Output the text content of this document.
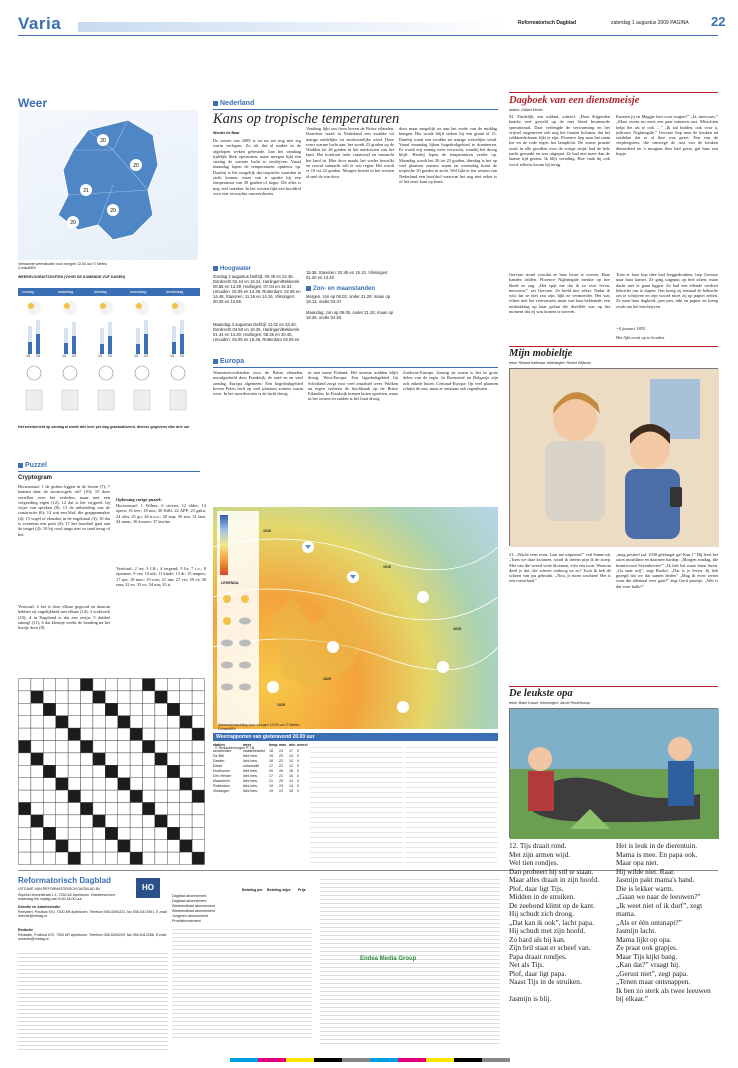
Varia	Reformatorisch Dagblad	zaterdag 1 augustus 2009 PAGINA 22
Weer
20
20
21
20
20
Verwachte weersituatie voor morgen 12.00 uur © Meteo Consult/BV
WEERSVOORUITZICHTEN (VOOR DE KOMENDE VIJF DAGEN)
zondag	maandag	dinsdag	woensdag	donderdag
15 24	14 21	13 21	13 22	14 23
Het weerbericht op zondag al wordt drie keer per dag geactualiseerd. diverse gegevens elke drie uur
Puzzel
Cryptogram
Horizontaal: 1 de gidsen liggen in de lessen (7); 7 kennen daar de stormvogels uit? (10); 10 deze vertellen over het verleden, maar met een vergoeding eigen (12); 12 dat is het vrijgoed, bij wijze van spreken (8); 13 de uitbreiding van de constructie (6); 14 wat een bluf, die grappenmaker (4); 15 vogel of elzusker in de engelstaal (3); 16 dat is eveneens een punt (4); 17 het broedsel gaat aan de teugel (4); 18 bij rood tangs niet zo tand terug of het.
Verticaal: 2 het is door elkaar gegooid en daarom hebben zij ongelijkheid met elkaar (14); 3 vrolaverk (10); 4 in Engeland is dat een zwijn; 5 dubbel zinnig! (11); 6 dat kleintje weekt de houding na het bootje door (8).
Oplossing vorige puzzel:
Horizontaal: 1 Wilma; 6 stoven; 12 elder; 14 opera; 16 leer; 18 mis; 20 Killl; 22 APP; 23 gaku; 24 olin; 25 go; 26 n.o.o.; 28 nop; 30 site; 31 tant; 34 muur; 36 kossen; 37 lawine.
Verticaal: 2 iet; 3 I.K.; 4 tergend; 5 lir; 7 t.o.; 8 opstaner; 9 ver; 10 nik; 11 kinde; 13 dr; 15 ampert; 17 rpe; 18 muv; 19 roer; 21 inn; 27 viz; 29 of; 30 rma; 32 es; 33 vo; 34 mu; 35 ri.
© Redactiemorgen P.T.B.
Reformatorisch Dagblad
UITGAVE VAN REFORMATORISCH DAGBLAD BV
Sophia-Heuvelstraat 1 4, 7330 AZ Apeldoorn. Klantenservice: maandag t/m vrijdag van 8.00-18.00 uur.
HO
Directie en Administratie
Reevaert, Postbus 670, 7300 AR Apeldoorn. Telefoon 055-5390222, fax 055-5417891. E-mail: directie@refdag.nl.
Redactie
Redactie, Postbus 670, 7300 AR Apeldoorn. Telefoon 055-5390229, fax 055-5412288, E-mail: redactie@refdag.nl.
Betaling per Betaling wijze Prijs
Dagblad abonnement
Dagblad abonnement
Weekendblad abonnement
Weekendblad abonnement
Jongeren abonnement
Proefabonnement
Endea Media Group
Nederland
Kans op tropische temperaturen
Wouter de Baar
De zomer van 2009 is tot nu toe nog niet erg warm verlopen. Zo als dat al maker in de afgelopen weken gebeurde, kan het vandaag tijdelijk flink opwarmen, maar morgen lijkt een storing de warmte lucht te verdrijven. Vanaf maandag lopen de temperaturen opnieuw op. Daarbij is het mogelijk dat tropische waarden in zicht komen, maar van n sprake bij een temperatuur van 30 graden of hoger. Dit alles is nog veel onzeker. In het westen lijkt een hoofdrol voor een verwachte onweersbuien.
Vandaag lijkt om from boven de Britse eilanden. Daardoor waait in Nederland een zwakke tot matige zuidelijke tot zuidoostelijke wind. Deze voert warme lucht aan: het wordt 23 graden op de Wadden tot 26 graden in het zuidoosten van het land. Het koufront trekt vanavond en vannacht het land in. Hier door maakt het weder bewolkt en vooral vannacht valt er wat regen. Het wordt er 19 tot 22 graden. Morgen breekt in het westen al snel de zon door.
door maar mogelijk tot aan het einde van de middag bungen. Het wordt blijft steken bij een graad of 21. Daarbij waait een zwakke tot matige westelijke wind. Vanaf maandag lijken hogedrukgebied te domineren. Er wordt vrij zonnig weer verwacht, waarbij het droog blijft. Hierbij lopen de temperaturen verder op. Maandag wordt het 20 tot 23 graden, dinsdag is het op veel plaatsen zomers warm en woensdag komt de tropische 30 graden in zicht. Wel lijkt er ten westen van Nederland een hoofdrol waarvan het nog niet zeker is of het onze kant op komt.
Hoogwater
Zondag 2 augustus Delfzijl: 09.45 en 22.45, Dordrecht 02.44 en 15.24, Harlingen/Bekkerek 00.56 en 13.39, Harlingen: 07.04 en 19.34, Umuiden: 02.05 en 14.39, Rotterdam: 02.05 en 14.48, Stavoren: 11.16 en 14.16, Vlissingen: 00.28 en 12.56.
Maandag 3 augustus Delfzijl: 11.02 en 23.40, Dordrecht 04.50 en 16.25, Harlingen/Bekkerek 01.44 en 14.20, Harlingen: 08.25 en 20.45, Umuiden: 03.05 en 15.36, Rotterdam 03.09 en
15.36, Stavoren: 02.45 en 15.10, Vlissingen: 01.20 en 13.40.
Zon- en maanstanden
Morgen, zon op 06.03, onder 21.28; maan op 18.13, onder 03.37.
Maandag, zon op 06.05, onder 21.26; maan op 18.26, onder 04.50.
Europa
Warmterecordsteden voor de Britse eilanden, noordgedeeld door Frankrijk, de zuid en en vanf zondag. Europa algemeen: Een hogedrukgebied boven Polen leeft op veel plaatsen zomers warm weer. In het noordwesten is de lucht droog.
in met name Finland. Het uiterste midden blijft droog. West-Europa: Een lagedrukgebied bij Schotland zorgt voor veel onstabiel weer. Wolken en regen verlaten de hoofdzaak op de Britse Eilanden. In Frankrijk komen buien opzetten, maar in het oosten en zuiden is het fraai droog.
Zuidoost-Europa: Zonnig en warm is het in grote delen van de regio. In Roemenië en Bulgarije zijn ook enkele buien. Centraal-Europa: Op veel plaatsen schijnt de zon, maar er ontstaan ook regenbuien.
LEGENDA
1010
1015
1020
1025
1015
Weersverwachting voor morgen 12.00 uur © Meteo Consult/BV
Weerrapporten van gisteravond 20.00 uur
station	weer	temp max min neersl
Amsterdam	zwaarbewolkt 18 24 17 0
De Bilt	licht bew.	19 23 14 0
Deelen	licht bew.	18 23 13 0
Eelde	onbewolkt	17 22 12 0
Eindhoven	licht bew.	20 26 16 0
Den Helder	licht bew.	17 21 15 0
Maastricht	licht bew.	21 25 14 0
Rotterdam	licht bew.	19 24 14 0
Vlissingen	licht bew.	19 22 15 0
Dagboek van een dienstmeisje
auteur: Gilbert Morris
92. Eindelijk, een soldaat, schreef. „Haar Stijgerden knacht veel geweld op de met bloed besmeurde operatiezaal. Daar verlengde de verwarming en liet vrijwel ongeneven ook nog het fraaien lichaam, dat het soldatenlichaam lijkt te zijn. Florence liep naar het raam toe en de rode tegen het lamplicht. De zuster praatte zoals in alle gevallen over de vorige strijd: had de hele nacht gewaakt en was uitgeput. Ze had niet meer dan de laatste tijd gezien. Ik blijf vertaling. Hoe vaak hij ook werd, telkens kwam hij terug.
Kunnen jij en Maggie hier voor zorgen?” „Ja, mevrouw.” „Maar zwem nu eerst een paar minuten rust. Misschien helpt het als je ook …” „Ik zal hulden, ook voor u, juffrouw Nightingale.” Gervase liep naar de keuken en ontdekte dat er al thee was gezet. Een van de verpleegsters, die vanwege de rust van de keuken dienstdeed en ‘s morgens thee had gezet, gaf haar een kopje.
Gervase stond voordat ze haar beurt te voeren. Haar handen trilden. Florence Nightingale merkte op hoe bleek ze zag. „Het spijt me dat ik zo over leven, mevrouw”, zei Gervase. Ze hield niet zeker. Nadat ik wist dat ze niet zou zijn, lijkt ze vermoeider. Het was echter niet het vertrouwen, maar wat haar beklemde, een uitdrukking op haar gelaat die dezelfde was op het moment dat zij was komen te sterven.
Toen er haar kop thee had leeggedronken, liep Gervase naar haar kamer. Ze ging uitgeput op bed zitten, maar dacht niet te gaan liggen. Ze had een ellende verdriet behoefte om te slapen. Om kreeg zij iemand de behoefte om te schrijven en zijn woord moet zij op papier zetten. Ze nam haar dagboek, pen pen, inkt en papier en kreeg zwak om het beschrijven.
--4 januari 1855
Het lijkt nooit op te houden.
Mijn mobieltje
tekst: Roland Kalkman, tekeningen: Roelof Wijtsma
21. „Wacht eens even. Laat me uitpraten!” valt Sanne uit. „Toen we daar kwamen, stond ik ineens pijn ik de stoep. Met van die wreed witte bloemen, echt een toon. Waarom deed je dat, die schoen omhoog en zo? Toch ik heb de schoen van jou gebruikt. „Nou, je moet wachten! Het is een rotverhaal.”
„mag positief zal. 1038 geklaagd. ga! Kan 1” Hij leest het oaret mozbilme en daarmee hardop: „Morgen zondag, die beantwoord Sevenhoven?” „Ik heb het maar laten lezen. „Ga naar mij”, zegt Roelof, „Dat is je leven. Jij heb gezegd dat we dat samen deden” „Mag ik even weten waar die allemaal over gaat?” zegt Gerit pisertje. „Wat is dat voor hallo?”
De leukste opa
tekst: Bram Kasse, tekeningen: Jacob Rosterkamp
12. Tijs draait rond.
Met zijn armen wijd.
Wel tien rondjes.
Dan probeert hij stil te staan.
Maar alles draait in zijn hoofd.
Plof, daar ligt Tijs.
Midden in de struiken.
De zeehond klimt op de kant.
Hij schudt zich droog.
„Dat kan ik ook”, lacht papa.
Hij schudt met zijn hoofd.
Zo hard als hij kan.
Zijn bril staat er scheef van.
Papa draait rondjes.
Net als Tijs.
Plof, daar ligt papa.
Naast Tijs in de struiken.

Jasmijn is blij.
Het is leuk in de dierentuin.
Mama is mee. En papa ook.
Maar opa niet.
Hij wilde niet. Raar.
Jasmijn pakt mama's hand.
Die is lekker warm.
„Gaan we naar de leeuwen?”
„Ik weet niet of ik durf”, zegt mama.
„Als er één ontsnapt?”
Jasmijn lacht.
Mama lijkt op opa.
Ze praat ook grapjes.
Maar Tijs kijkt bang.
„Kan dat?” vraagt hij.
„Gerust niet”, zegt papa.
„Tenen maar ontsnappen.
Ik ben zo sterk als twee leeuwen bij elkaar.”
